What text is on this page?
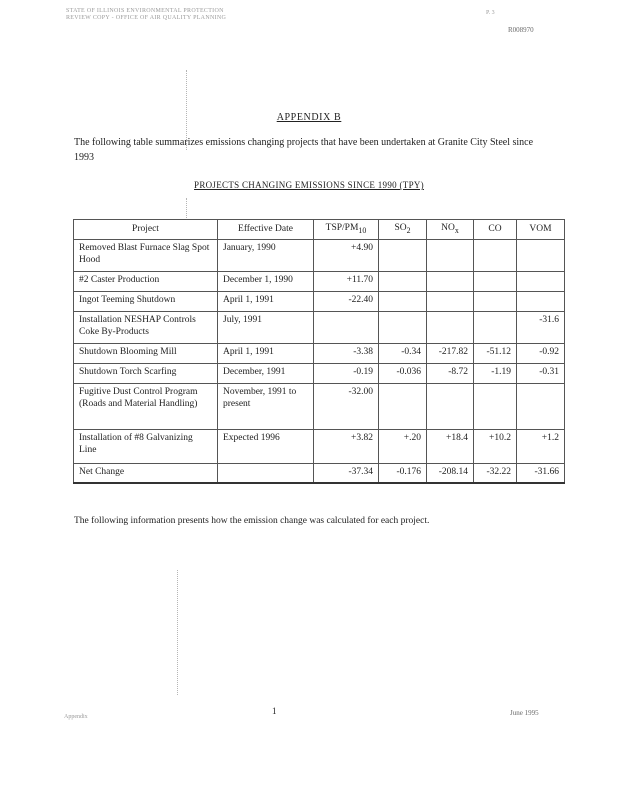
STATE OF ILLINOIS ENVIRONMENTAL PROTECTION
REVIEW COPY - OFFICE OF AIR QUALITY PLANNING
P. 3
R008970
APPENDIX B
The following table summarizes emissions changing projects that have been undertaken at Granite City Steel since 1993
PROJECTS CHANGING EMISSIONS SINCE 1990 (TPY)
Project	Effective Date	TSP/$PM_{10}$	$SO_2$	$NO_x$	CO	VOM
Removed Blast Furnace Slag Spot Hood	January, 1990	+4.90				
#2 Caster Production	December 1, 1990	+11.70				
Ingot Teeming Shutdown	April 1, 1991	-22.40				
Installation NESHAP Controls Coke By-Products	July, 1991					-31.6
Shutdown Blooming Mill	April 1, 1991	-3.38	-0.34	-217.82	-51.12	-0.92
Shutdown Torch Scarfing	December, 1991	-0.19	-0.036	-8.72	-1.19	-0.31
Fugitive Dust Control Program (Roads and Material Handling)	November, 1991 to present	-32.00				
Installation of #8 Galvanizing Line	Expected 1996	+3.82	+.20	+18.4	+10.2	+1.2
Net Change		-37.34	-0.176	-208.14	-32.22	-31.66
The following information presents how the emission change was calculated for each project.
Appendix
1	June 1995
